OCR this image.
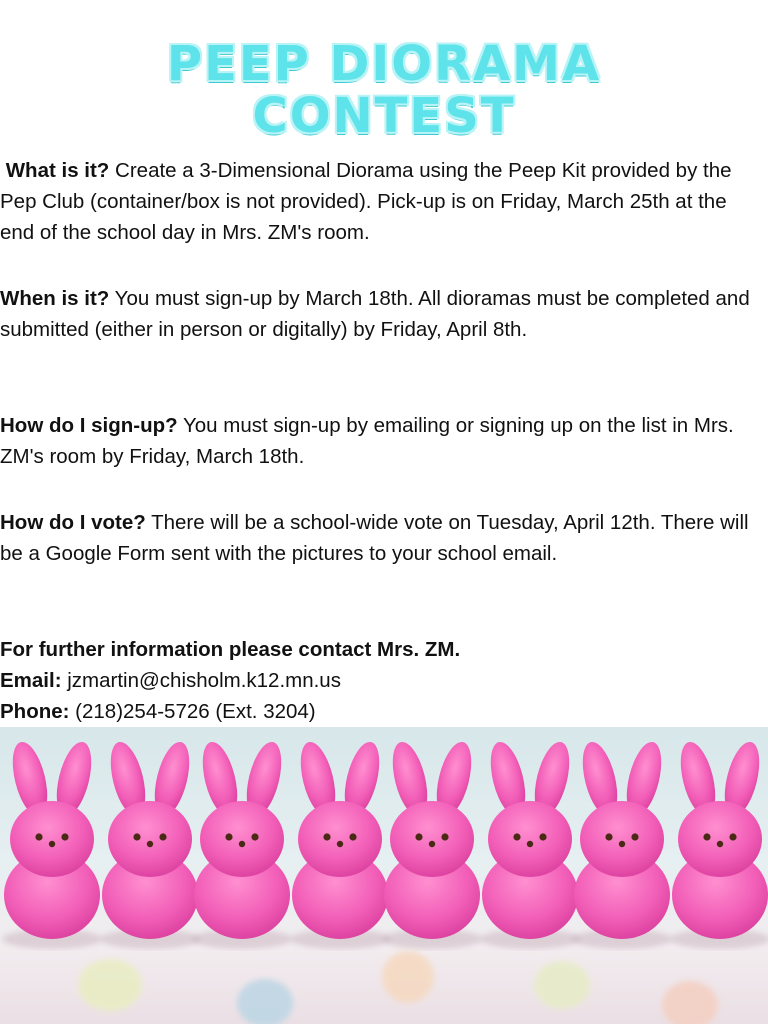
PEEP DIORAMA
CONTEST

What is it? Create a 3-Dimensional Diorama using the Peep Kit provided by the Pep Club (container/box is not provided). Pick-up is on Friday, March 25th at the end of the school day in Mrs. ZM's room.

When is it? You must sign-up by March 18th. All dioramas must be completed and submitted (either in person or digitally) by Friday, April 8th.

How do I sign-up? You must sign-up by emailing or signing up on the list in Mrs. ZM's room by Friday, March 18th.

How do I vote? There will be a school-wide vote on Tuesday, April 12th. There will be a Google Form sent with the pictures to your school email.

For further information please contact Mrs. ZM.
Email: jzmartin@chisholm.k12.mn.us
Phone: (218)254-5726 (Ext. 3204)
